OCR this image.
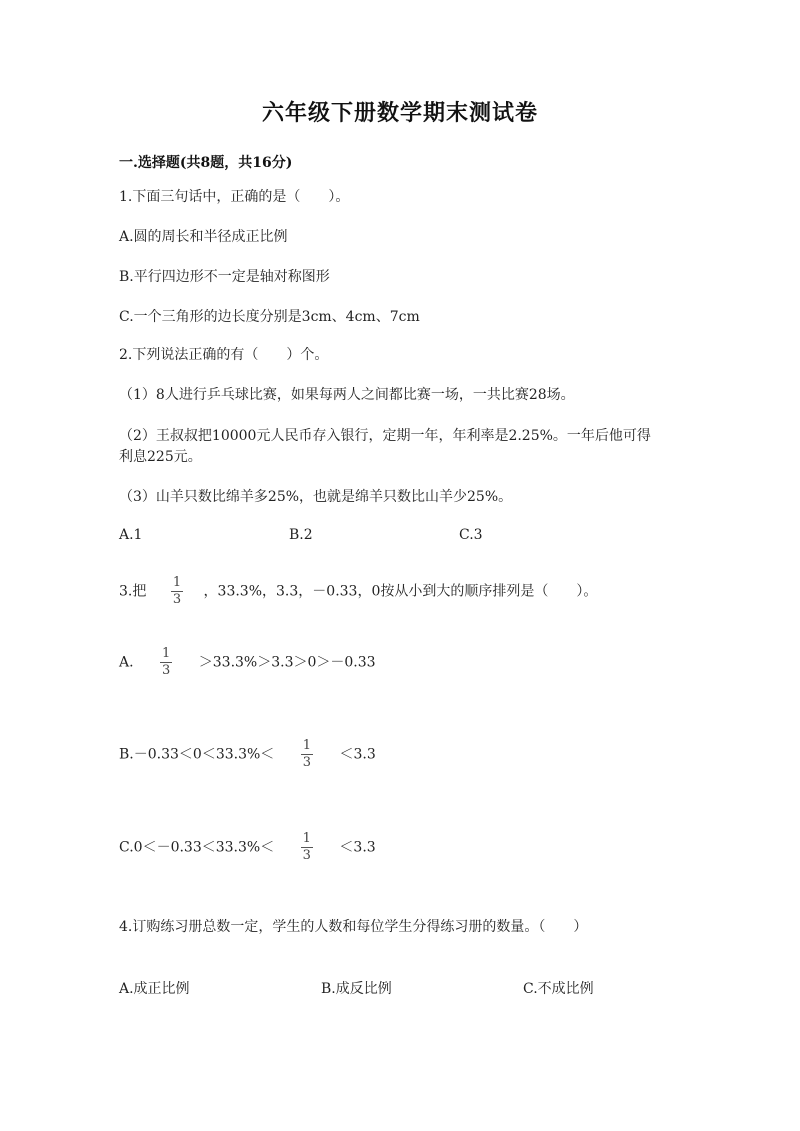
六年级下册数学期末测试卷
一.选择题(共8题，共16分)
1.下面三句话中，正确的是（　　）。
A.圆的周长和半径成正比例
B.平行四边形不一定是轴对称图形
C.一个三角形的边长度分别是3cm、4cm、7cm
2.下列说法正确的有（　　）个。
（1）8人进行乒乓球比赛，如果每两人之间都比赛一场，一共比赛28场。
（2）王叔叔把10000元人民币存入银行，定期一年，年利率是2.25%。一年后他可得利息225元。
（3）山羊只数比绵羊多25%，也就是绵羊只数比山羊少25%。
A.1	B.2	C.3
3.把 $\frac{1}{3}$ ，33.3%，3.3，－0.33，0按从小到大的顺序排列是（　　）。
A. $\frac{1}{3} >33.3\%>3.3>0>-0.33$
$B.-0.33<0<33.3\%< \frac{1}{3} <3.3$
$C.0<-0.33<33.3\%< \frac{1}{3} <3.3$
4.订购练习册总数一定，学生的人数和每位学生分得练习册的数量。（　　）
A.成正比例	B.成反比例	C.不成比例
